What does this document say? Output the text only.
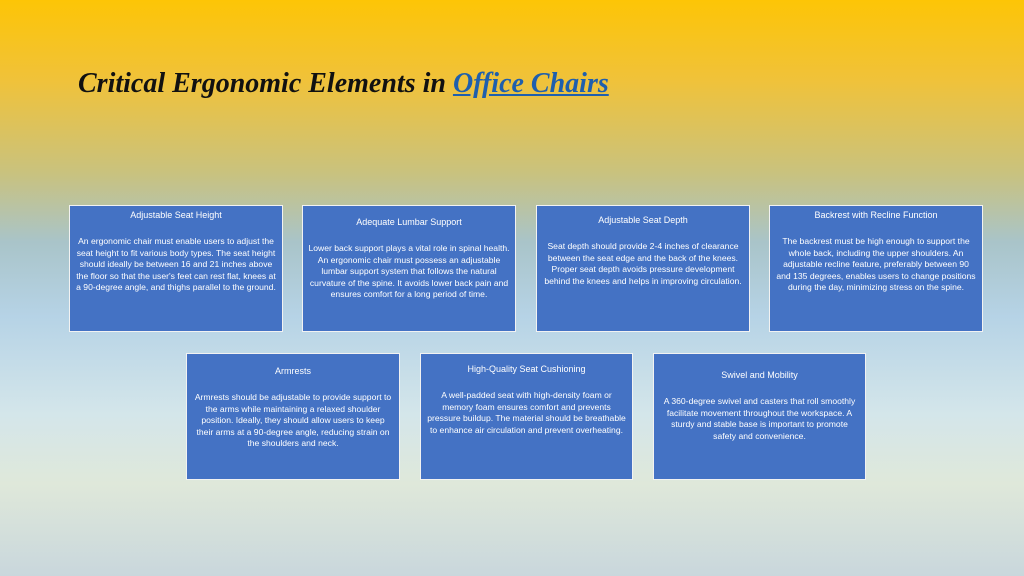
Critical Ergonomic Elements in Office Chairs
Adjustable Seat Height
An ergonomic chair must enable users to adjust the seat height to fit various body types. The seat height should ideally be between 16 and 21 inches above the floor so that the user's feet can rest flat, knees at a 90-degree angle, and thighs parallel to the ground.
Adequate Lumbar Support
Lower back support plays a vital role in spinal health. An ergonomic chair must possess an adjustable lumbar support system that follows the natural curvature of the spine. It avoids lower back pain and ensures comfort for a long period of time.
Adjustable Seat Depth
Seat depth should provide 2-4 inches of clearance between the seat edge and the back of the knees. Proper seat depth avoids pressure development behind the knees and helps in improving circulation.
Backrest with Recline Function
The backrest must be high enough to support the whole back, including the upper shoulders. An adjustable recline feature, preferably between 90 and 135 degrees, enables users to change positions during the day, minimizing stress on the spine.
Armrests
Armrests should be adjustable to provide support to the arms while maintaining a relaxed shoulder position. Ideally, they should allow users to keep their arms at a 90-degree angle, reducing strain on the shoulders and neck.
High-Quality Seat Cushioning
A well-padded seat with high-density foam or memory foam ensures comfort and prevents pressure buildup. The material should be breathable to enhance air circulation and prevent overheating.
Swivel and Mobility
A 360-degree swivel and casters that roll smoothly facilitate movement throughout the workspace. A sturdy and stable base is important to promote safety and convenience.
